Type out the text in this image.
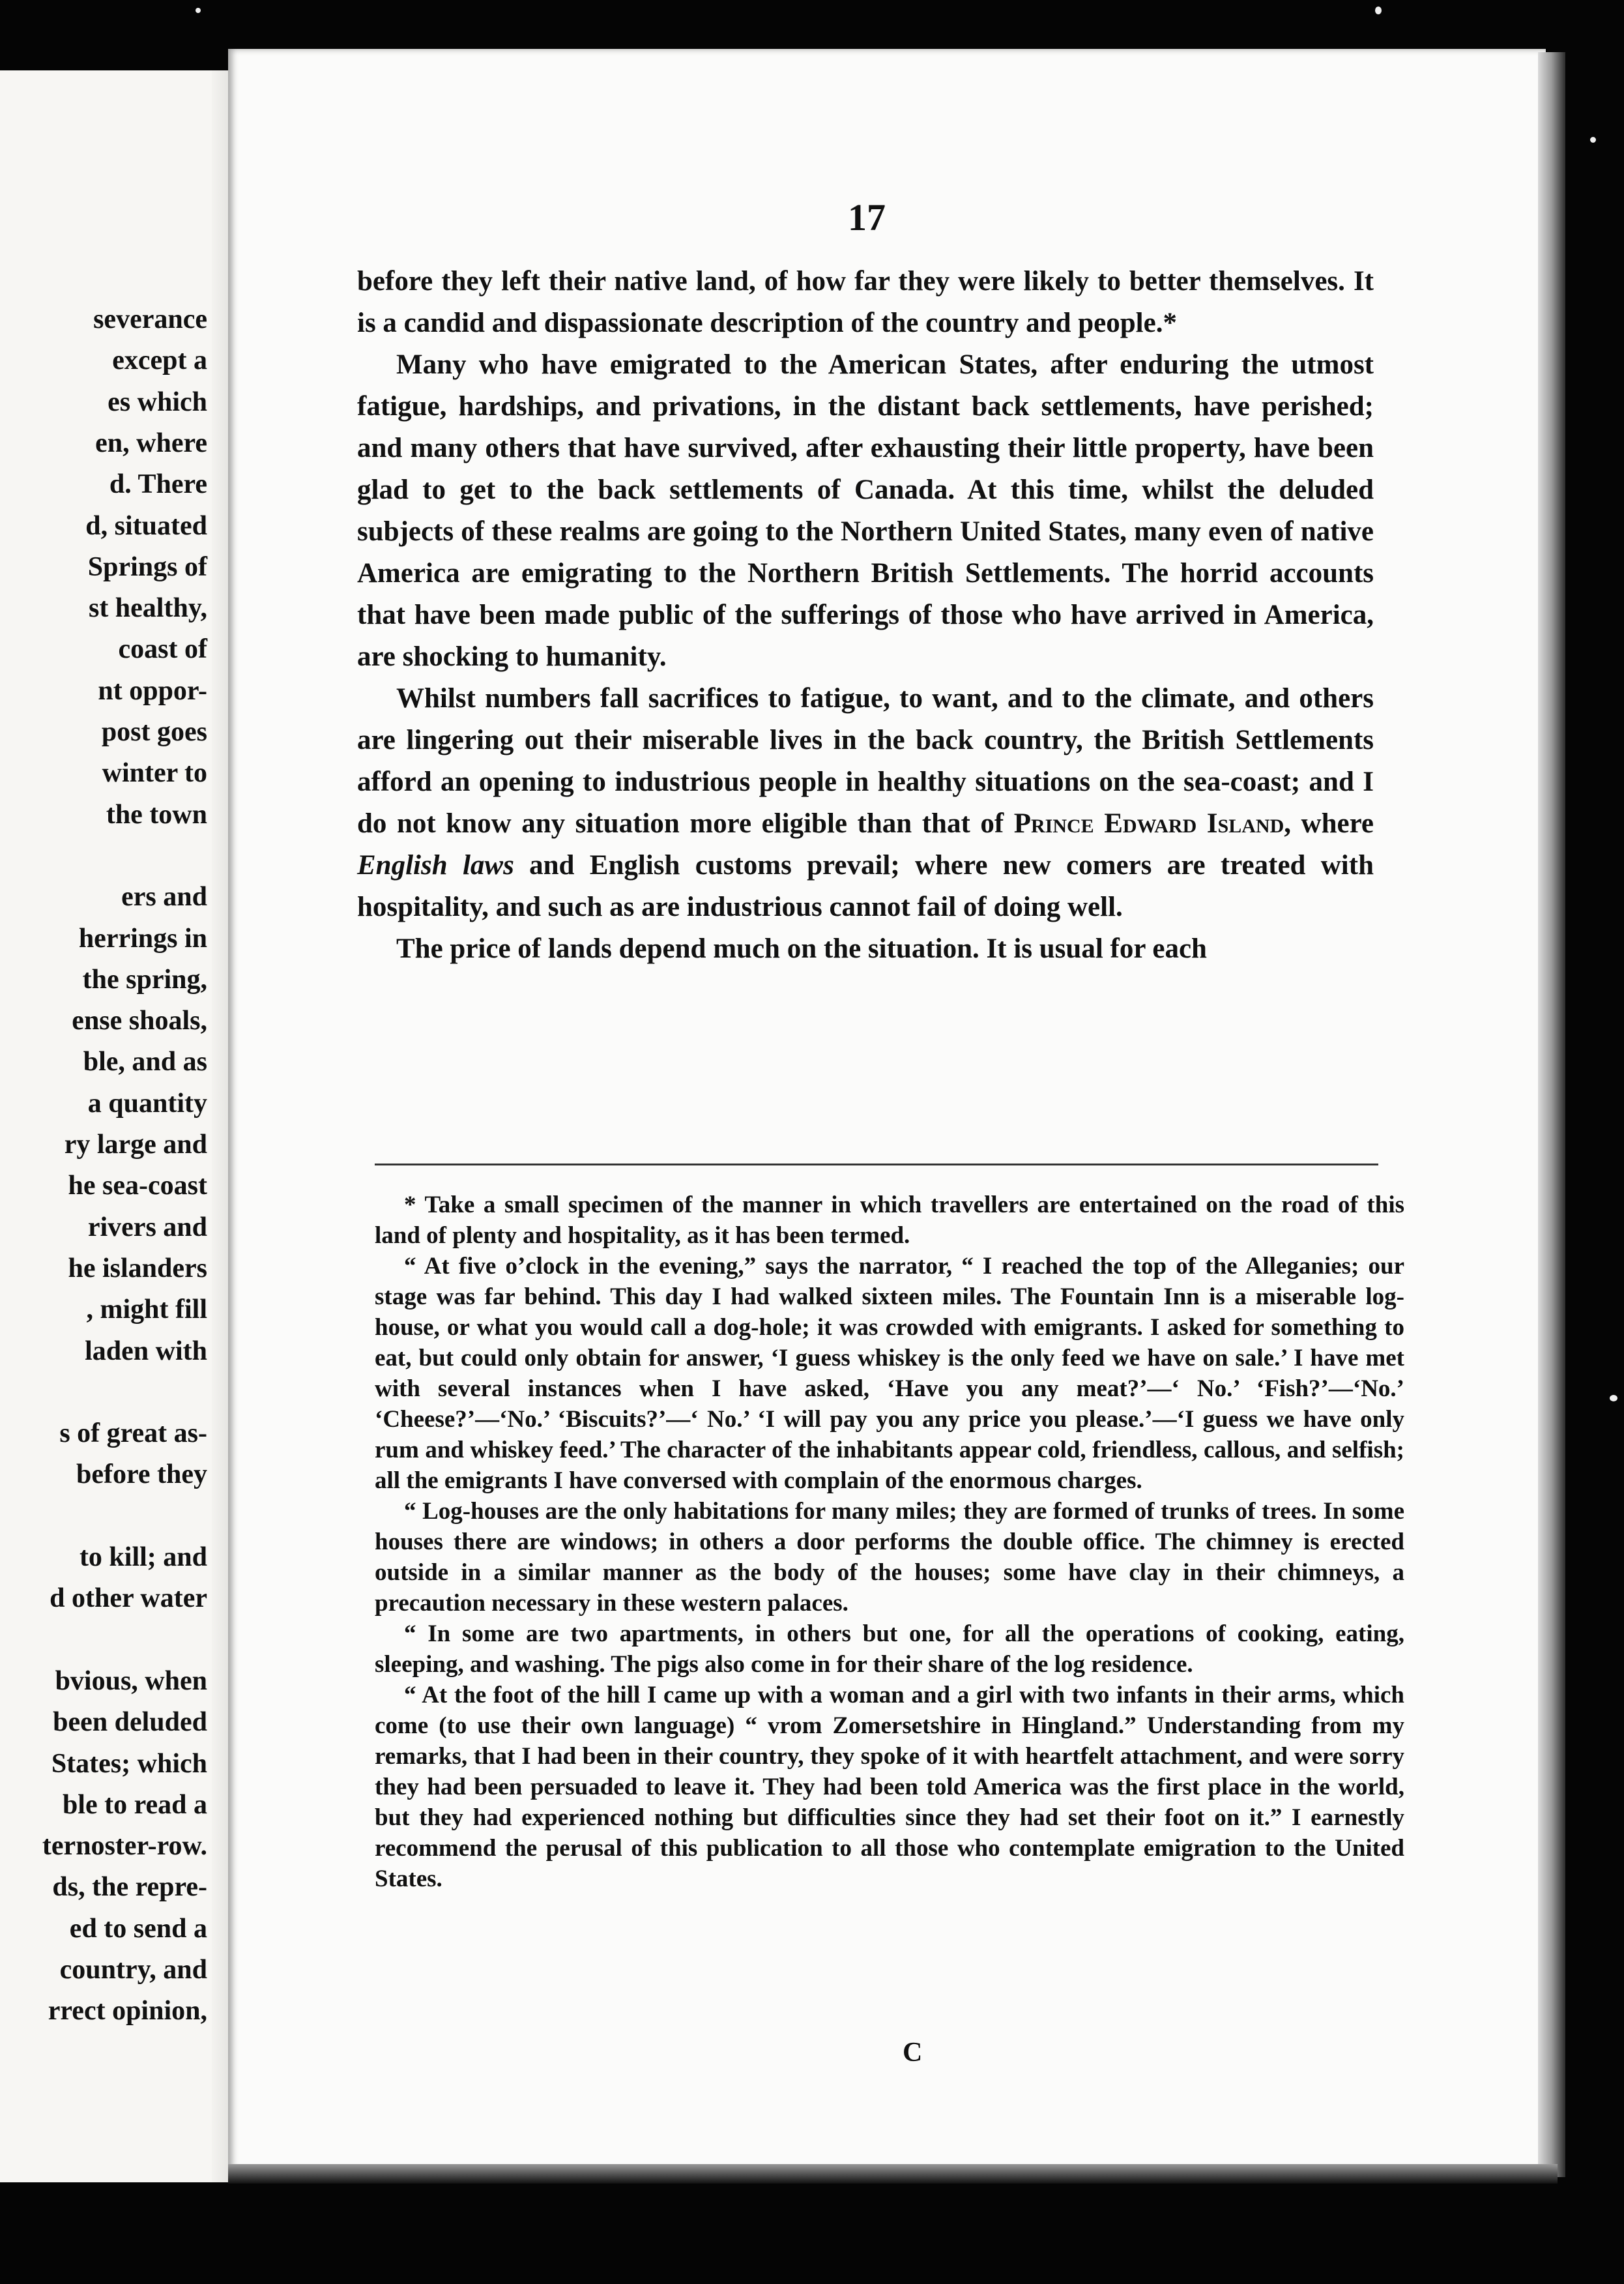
severance
except a
es which
en, where
d. There
d, situated
Springs of
st healthy,
coast of
nt oppor-
post goes
winter to
the town
ers and
herrings in
the spring,
ense shoals,
ble, and as
a quantity
ry large and
he sea-coast
rivers and
he islanders
, might fill
laden with
s of great as-
before they
to kill; and
d other water
bvious, when
been deluded
States; which
ble to read a
ternoster-row.
ds, the repre-
ed to send a
country, and
rrect opinion,
17

before they left their native land, of how far they were likely to better themselves. It is a candid and dispassionate description of the country and people.*

Many who have emigrated to the American States, after enduring the utmost fatigue, hardships, and privations, in the distant back settlements, have perished; and many others that have survived, after exhausting their little property, have been glad to get to the back settlements of Canada. At this time, whilst the deluded subjects of these realms are going to the Northern United States, many even of native America are emigrating to the Northern British Settlements. The horrid accounts that have been made public of the sufferings of those who have arrived in America, are shocking to humanity.

Whilst numbers fall sacrifices to fatigue, to want, and to the climate, and others are lingering out their miserable lives in the back country, the British Settlements afford an opening to industrious people in healthy situations on the sea-coast; and I do not know any situation more eligible than that of Prince Edward Island, where English laws and English customs prevail; where new comers are treated with hospitality, and such as are industrious cannot fail of doing well.

The price of lands depend much on the situation. It is usual for each

* Take a small specimen of the manner in which travellers are entertained on the road of this land of plenty and hospitality, as it has been termed.

“ At five o’clock in the evening,” says the narrator, “ I reached the top of the Alleganies; our stage was far behind. This day I had walked sixteen miles. The Fountain Inn is a miserable log-house, or what you would call a dog-hole; it was crowded with emigrants. I asked for something to eat, but could only obtain for answer, ‘I guess whiskey is the only feed we have on sale.’ I have met with several instances when I have asked, ‘Have you any meat?’—‘ No.’ ‘Fish?’—‘No.’ ‘Cheese?’—‘No.’ ‘Biscuits?’—‘ No.’ ‘I will pay you any price you please.’—‘I guess we have only rum and whiskey feed.’ The character of the inhabitants appear cold, friendless, callous, and selfish; all the emigrants I have conversed with complain of the enormous charges.

“ Log-houses are the only habitations for many miles; they are formed of trunks of trees. In some houses there are windows; in others a door performs the double office. The chimney is erected outside in a similar manner as the body of the houses; some have clay in their chimneys, a precaution necessary in these western palaces.

“ In some are two apartments, in others but one, for all the operations of cooking, eating, sleeping, and washing. The pigs also come in for their share of the log residence.

“ At the foot of the hill I came up with a woman and a girl with two infants in their arms, which come (to use their own language) “ vrom Zomersetshire in Hingland.” Understanding from my remarks, that I had been in their country, they spoke of it with heartfelt attachment, and were sorry they had been persuaded to leave it. They had been told America was the first place in the world, but they had experienced nothing but difficulties since they had set their foot on it.” I earnestly recommend the perusal of this publication to all those who contemplate emigration to the United States.

C
